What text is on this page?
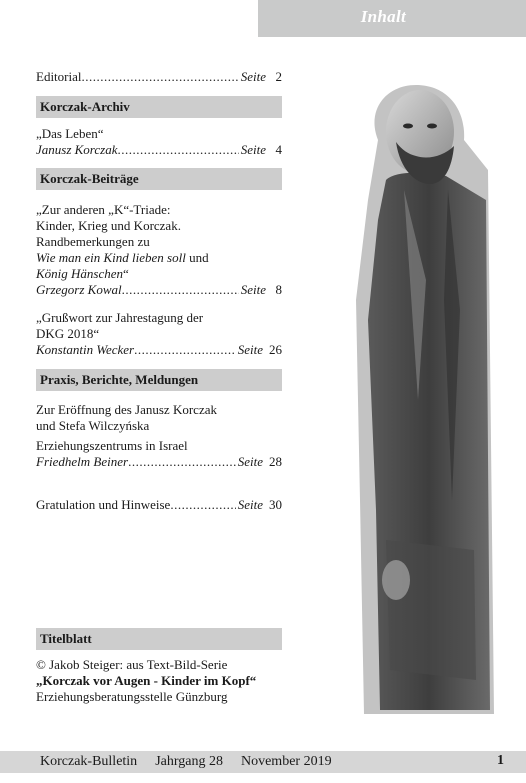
Inhalt
Editorial .....	Seite 2
Korczak-Archiv
„Das Leben“
Janusz Korczak .....	Seite 4
Korczak-Beiträge
„Zur anderen „K“-Triade:
Kinder, Krieg und Korczak.
Randbemerkungen zu
Wie man ein Kind lieben soll und
König Hänschen“
Grzegorz Kowal .....	Seite 8
„Grußwort zur Jahrestagung der
DKG 2018“
Konstantin Wecker .....	Seite 26
Praxis, Berichte, Meldungen
Zur Eröffnung des Janusz Korczak
und Stefa Wilczyńska
Erziehungszentrums in Israel
Friedhelm Beiner .....	Seite 28
Gratulation und Hinweise .....	Seite 30
Titelblatt
© Jakob Steiger: aus Text-Bild-Serie
„Korczak vor Augen - Kinder im Kopf“
Erziehungsberatungsstelle Günzburg
Korczak-Bulletin Jahrgang 28 November 2019	1
